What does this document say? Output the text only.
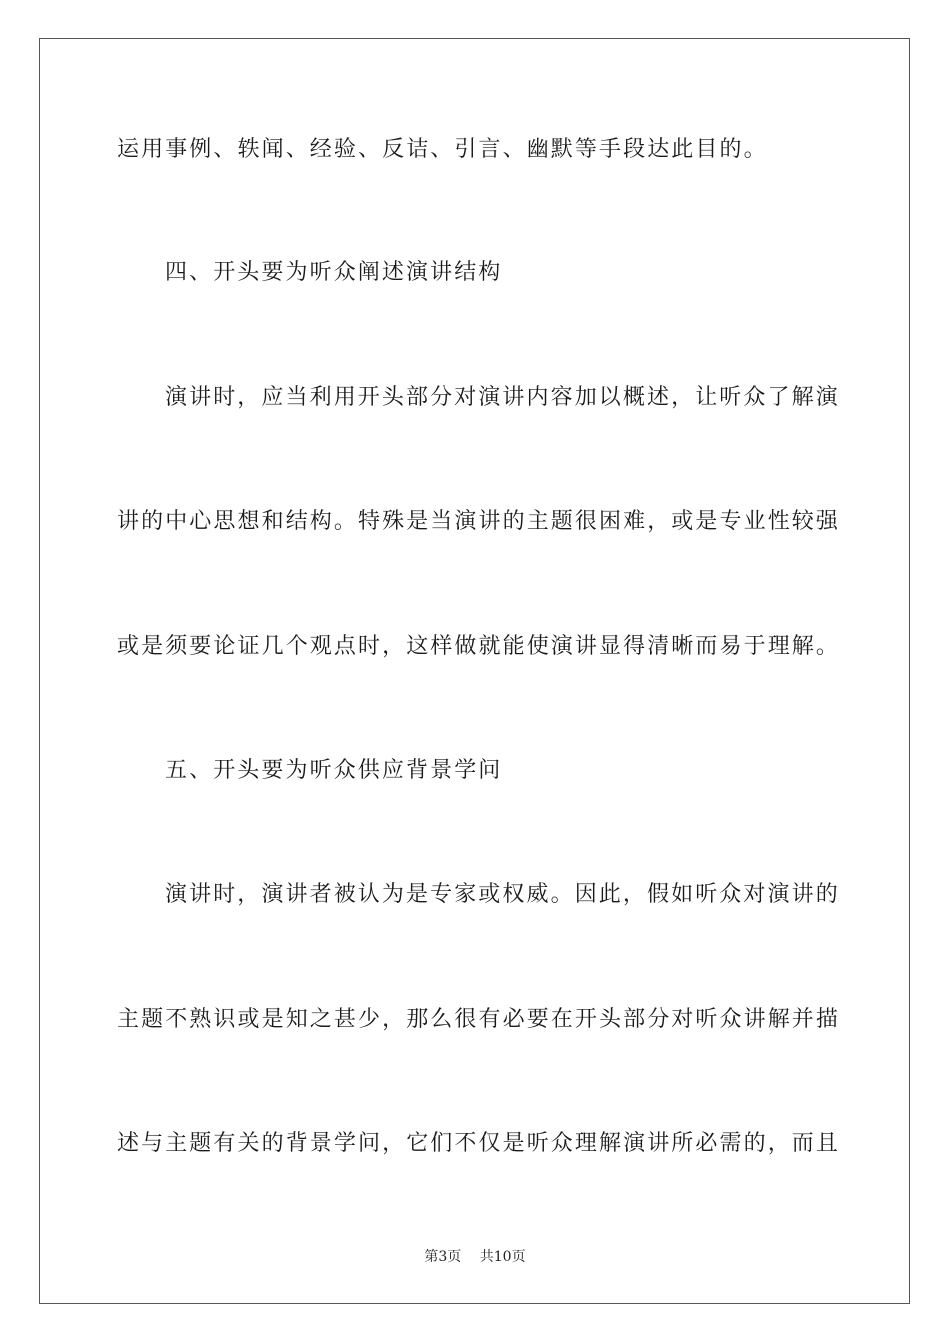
运用事例、轶闻、经验、反诘、引言、幽默等手段达此目的。
四、开头要为听众阐述演讲结构
演讲时，应当利用开头部分对演讲内容加以概述，让听众了解演
讲的中心思想和结构。特殊是当演讲的主题很困难，或是专业性较强
或是须要论证几个观点时，这样做就能使演讲显得清晰而易于理解。
五、开头要为听众供应背景学问
演讲时，演讲者被认为是专家或权威。因此，假如听众对演讲的
主题不熟识或是知之甚少，那么很有必要在开头部分对听众讲解并描
述与主题有关的背景学问，它们不仅是听众理解演讲所必需的，而且
第3页 共10页
